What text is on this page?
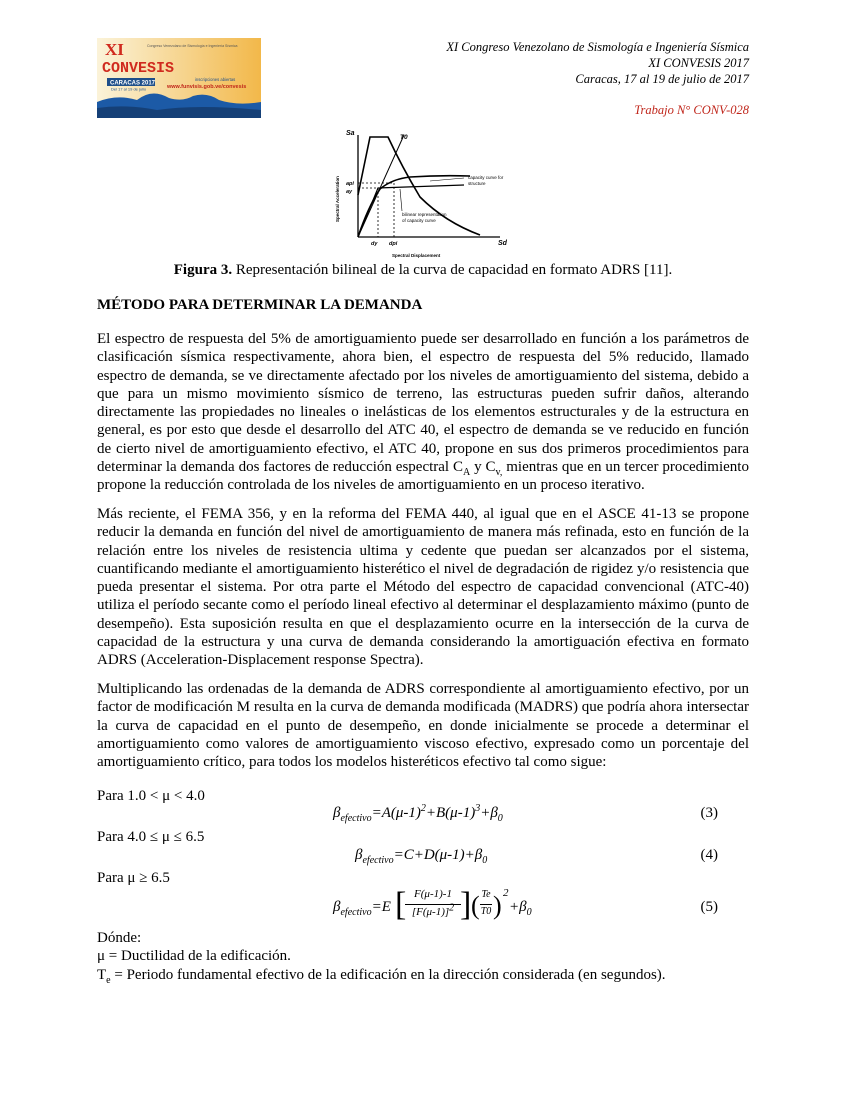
XI
CONVESIS
Congreso Venezolano de Sismología e Ingeniería Sísmica
CARACAS 2017
Del 17 al 19 de julio
inscripciones abiertas
www.funvisis.gob.ve/convesis
XI Congreso Venezolano de Sismología e Ingeniería Sísmica
XI CONVESIS 2017
Caracas, 17 al 19 de julio de 2017
Trabajo N° CONV-028
Sa
Sd
T0
api
ay
dy dpi
Spectral Displacement
Spectral Acceleration	capacity curve for
structure
bilinear representation
of capacity curve
Figura 3. Representación bilineal de la curva de capacidad en formato ADRS [11].
MÉTODO PARA DETERMINAR LA DEMANDA
El espectro de respuesta del 5% de amortiguamiento puede ser desarrollado en función a los parámetros de clasificación sísmica respectivamente, ahora bien, el espectro de respuesta del 5% reducido, llamado espectro de demanda, se ve directamente afectado por los niveles de amortiguamiento del sistema, debido a que para un mismo movimiento sísmico de terreno, las estructuras pueden sufrir daños, alterando directamente las propiedades no lineales o inelásticas de los elementos estructurales y de la estructura en general, es por esto que desde el desarrollo del ATC 40, el espectro de demanda se ve reducido en función de cierto nivel de amortiguamiento efectivo, el ATC 40, propone en sus dos primeros procedimientos para determinar la demanda dos factores de reducción espectral $C_A$ y $C_{v,}$ mientras que en un tercer procedimiento propone la reducción controlada de los niveles de amortiguamiento en un proceso iterativo.
Más reciente, el FEMA 356, y en la reforma del FEMA 440, al igual que en el ASCE 41-13 se propone reducir la demanda en función del nivel de amortiguamiento de manera más refinada, esto en función de la relación entre los niveles de resistencia ultima y cedente que puedan ser alcanzados por el sistema, cuantificando mediante el amortiguamiento histerético el nivel de degradación de rigidez y/o resistencia que pueda presentar el sistema. Por otra parte el Método del espectro de capacidad convencional (ATC-40) utiliza el período secante como el período lineal efectivo al determinar el desplazamiento máximo (punto de desempeño). Esta suposición resulta en que el desplazamiento ocurre en la intersección de la curva de capacidad de la estructura y una curva de demanda considerando la amortiguación efectiva en formato ADRS (Acceleration-Displacement response Spectra).
Multiplicando las ordenadas de la demanda de ADRS correspondiente al amortiguamiento efectivo, por un factor de modificación M resulta en la curva de demanda modificada (MADRS) que podría ahora intersectar la curva de capacidad en el punto de desempeño, en donde inicialmente se procede a determinar el amortiguamiento como valores de amortiguamiento viscoso efectivo, expresado como un porcentaje del amortiguamiento crítico, para todos los modelos histeréticos efectivo tal como sigue:
Para 1.0 < μ < 4.0
$\beta_{efectivo}=A(\mu-1)^2+B(\mu-1)^3+\beta_0$	(3)
Para 4.0 ≤ μ ≤ 6.5
$\beta_{efectivo}=C+D(\mu-1)+\beta_0$	(4)
Para μ ≥ 6.5
$\beta_{efectivo}=E$ [ F(μ-1)-1
$[F(\mu-1)]^2$ ] ( Te
T0 ) 2
$+\beta_0$	(5)
Dónde:
μ = Ductilidad de la edificación.
$T_e$ = Periodo fundamental efectivo de la edificación en la dirección considerada (en segundos).
